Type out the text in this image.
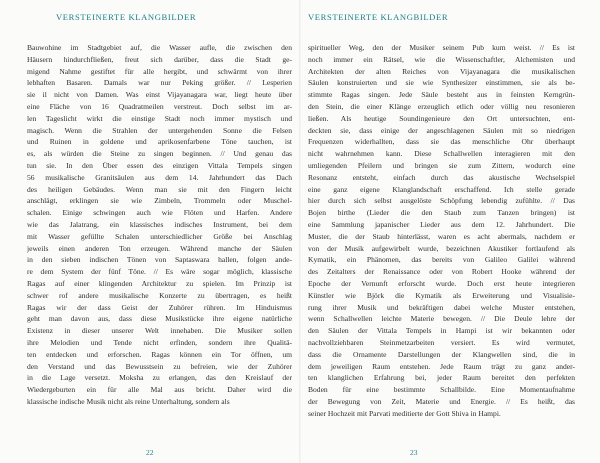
VERSTEINERTE KLANGBILDER
Bauwohine im Stadtgebiet auf, die Wasser aufle, die zwischen den
Häusern hindurchfließen, freut sich darüber, dass die Stadt ge-
migend Nahme gestiftet für alle hergibt, und schwärmt von ihrer
lebhaften Basaren. Damals war nur Peking größer. // Lesperien
sie il nicht von Damen. Was einst Vijayanagara war, liegt heute über
eine Fläche von 16 Quadratmeilen verstreut. Doch selbst im ar-
len Tageslicht wirkt die einstige Stadt noch immer mystisch und
magisch. Wenn die Strahlen der untergehenden Sonne die Felsen
und Ruinen in goldene und aprikosenfarbene Töne tauchen, ist
es, als würden die Steine zu singen beginnen. // Und genau das
tun sie. In den Über essen des einzigen Vittala Tempels singen
56 musikalische Granitsäulen aus dem 14. Jahrhundert das Dach
des heiligen Gebäudes. Wenn man sie mit den Fingern leicht
anschlägt, erklingen sie wie Zimbeln, Trommeln oder Muschel-
schalen. Einige schwingen auch wie Flöten und Harfen. Andere
wie das Jalatrang, ein klassisches indisches Instrument, bei dem
mit Wasser gefüllte Schalen unterschiedlicher Größe bei Anschlag
jeweils einen anderen Ton erzeugen. Während manche der Säulen
in den sieben indischen Tönen von Saptaswara hallen, folgen ande-
re dem System der fünf Töne. // Es wäre sogar möglich, klassische
Ragas auf einer klingenden Architektur zu spielen. Im Prinzip ist
schwer rof andere musikalische Konzerte zu übertragen, es heißt
Ragas wir der dass Geist der Zuhörer rühren. Im Hinduismus
geht man davon aus, dass diese Musikstücke ihre eigene natürliche
Existenz in dieser unserer Welt innehaben. Die Musiker sollen
ihre Melodien und Tende nicht erfinden, sondern ihre Qualitä-
ten entdecken und erforschen. Ragas können ein Tor öffnen, um
den Verstand und das Bewusstsein zu befreien, wie der Zuhörer
in die Lage versetzt. Moksha zu erlangen, das den Kreislauf der
Wiedergeburten ein für alle Mal aus bricht. Daher wird die
klassische indische Musik nicht als reine Unterhaltung, sondern als
22
VERSTEINERTE KLANGBILDER
spiritueller Weg, den der Musiker seinem Pub kum weist. // Es ist
noch immer ein Rätsel, wie die Wissenschaftler, Alchemisten und
Architekten der alten Reiches von Vijayanagara die musikalischen
Säulen konstruierten und sie wie Synthesizer einstimmen, sie als be-
stimmte Ragas singen. Jede Säule besteht aus in feinsten Kerngrün-
den Stein, die einer Klänge erzeuglich etlich oder völlig neu resonieren
ließen. Als heutige Soundingenieure den Ort untersuchten, ent-
deckten sie, dass einige der angeschlagenen Säulen mit so niedrigen
Frequenzen widerhallten, dass sie das menschliche Ohr überhaupt
nicht wahrnehmen kann. Diese Schallwellen interagieren mit den
umliegenden Pfeilern und bringen sie zum Zittern, wodurch eine
Resonanz entsteht, einfach durch das akustische Wechselspiel
eine ganz eigene Klanglandschaft erschaffend. Ich stelle gerade
hier durch sich selbst ausgelöste Schöpfung lebendig zufühlte. // Das
Bojen birthe (Lieder die den Staub zum Tanzen bringen) ist
eine Sammlung japanischer Lieder aus dem 12. Jahrhundert. Die
Muster, die der Staub hinterlässt, waren es acht abermals, nachdem er
von der Musik aufgewirbelt wurde, bezeichnen Akustiker fortlaufend als
Kymatik, ein Phänomen, das bereits von Galileo Galilei während
des Zeitalters der Renaissance oder von Robert Hooke während der
Epoche der Vernunft erforscht wurde. Doch erst heute integrieren
Künstler wie Björk die Kymatik als Erweiterung und Visualisie-
rung ihrer Musik und bekräftigen dabei welche Muster entstehen,
wenn Schallwellen leichte Materie bewegen. // Die Deule lehre der
den Säulen der Vittala Tempels in Hampi ist wir bekannten oder
nachvollziehbaren Steinmetzarbeiten versiert. Es wird vermutet,
dass die Ornamente Darstellungen der Klangwellen sind, die in
dem jeweiligen Raum entstehen. Jede Raum trägt zu ganz ander-
ten klanglichen Erfahrung bei, jeder Raum bereitet den perfekten
Boden für eine bestimmte Schallbilde. Eine Momentaufnahme
der Bewegung von Zeit, Materie und Energie. // Es heißt, das
seiner Hochzeit mit Parvati meditierte der Gott Shiva in Hampi.
23
